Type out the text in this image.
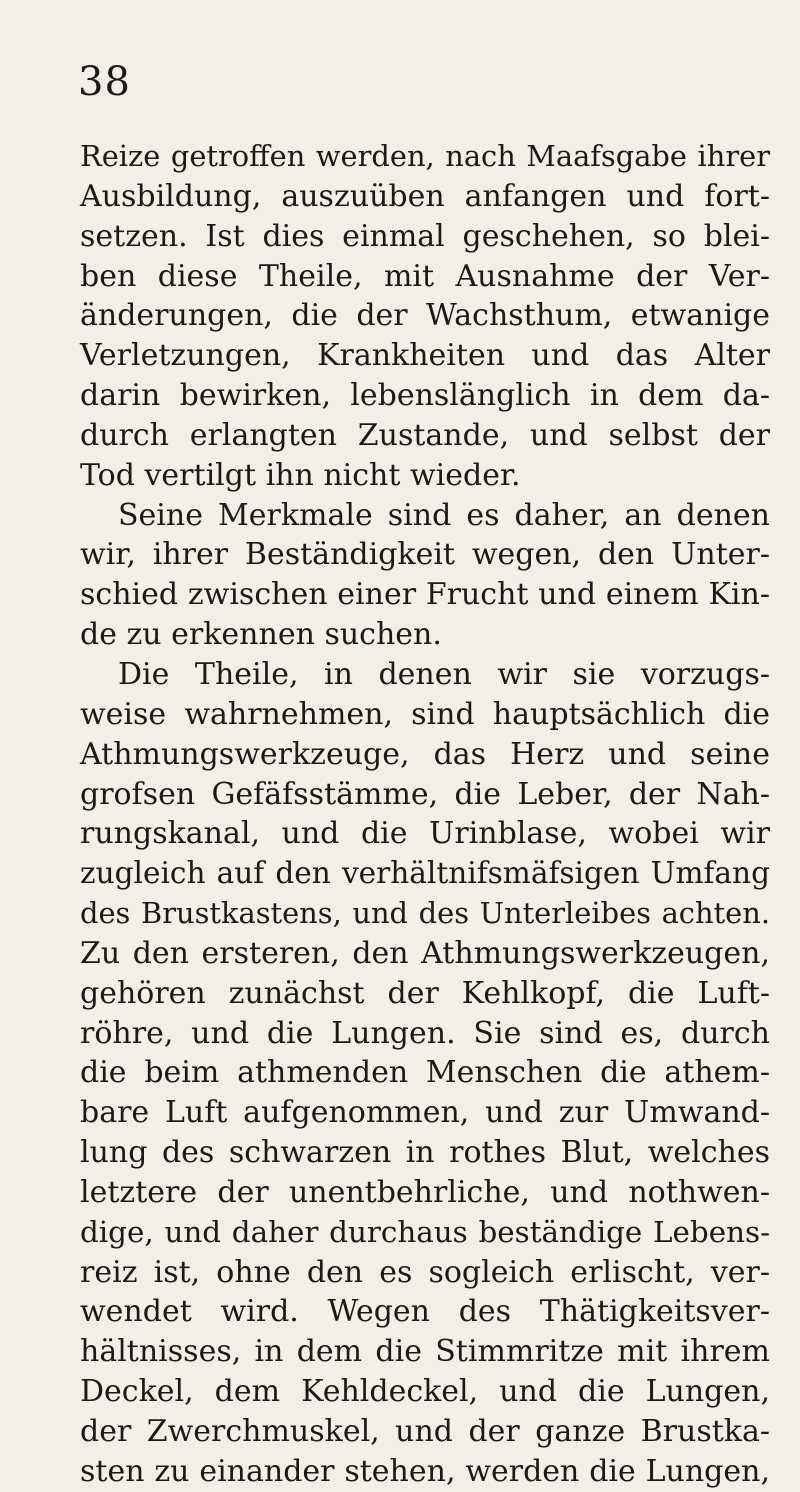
38
Reize getroffen werden, nach Maafsgabe ihrer
Ausbildung, auszuüben anfangen und fort-
setzen. Ist dies einmal geschehen, so blei-
ben diese Theile, mit Ausnahme der Ver-
änderungen, die der Wachsthum, etwanige
Verletzungen, Krankheiten und das Alter
darin bewirken, lebenslänglich in dem da-
durch erlangten Zustande, und selbst der
Tod vertilgt ihn nicht wieder.
Seine Merkmale sind es daher, an denen
wir, ihrer Beständigkeit wegen, den Unter-
schied zwischen einer Frucht und einem Kin-
de zu erkennen suchen.
Die Theile, in denen wir sie vorzugs-
weise wahrnehmen, sind hauptsächlich die
Athmungswerkzeuge, das Herz und seine
grofsen Gefäfsstämme, die Leber, der Nah-
rungskanal, und die Urinblase, wobei wir
zugleich auf den verhältnifsmäfsigen Umfang
des Brustkastens, und des Unterleibes achten.
Zu den ersteren, den Athmungswerkzeugen,
gehören zunächst der Kehlkopf, die Luft-
röhre, und die Lungen. Sie sind es, durch
die beim athmenden Menschen die athem-
bare Luft aufgenommen, und zur Umwand-
lung des schwarzen in rothes Blut, welches
letztere der unentbehrliche, und nothwen-
dige, und daher durchaus beständige Lebens-
reiz ist, ohne den es sogleich erlischt, ver-
wendet wird. Wegen des Thätigkeitsver-
hältnisses, in dem die Stimmritze mit ihrem
Deckel, dem Kehldeckel, und die Lungen,
der Zwerchmuskel, und der ganze Brustka-
sten zu einander stehen, werden die Lungen,
